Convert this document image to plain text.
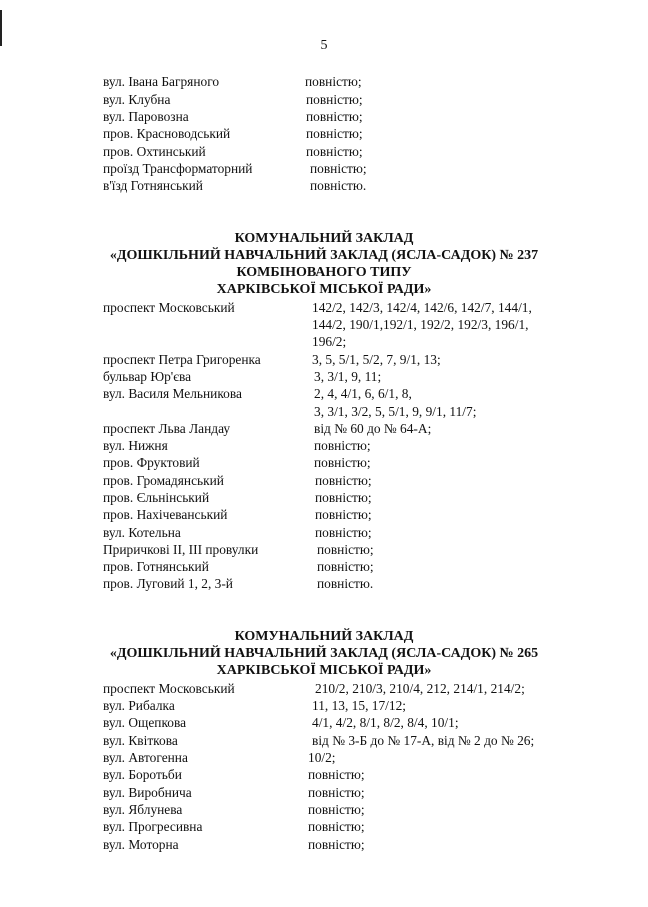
5
вул. Івана Багряного	повністю;
вул. Клубна	повністю;
вул. Паровозна	повністю;
пров. Красноводський	повністю;
пров. Охтинський	повністю;
проїзд Трансформаторний	повністю;
в'їзд Готнянський	повністю.
КОМУНАЛЬНИЙ ЗАКЛАД
«ДОШКІЛЬНИЙ НАВЧАЛЬНИЙ ЗАКЛАД (ЯСЛА-САДОК) № 237
КОМБІНОВАНОГО ТИПУ
ХАРКІВСЬКОЇ МІСЬКОЇ РАДИ»
проспект Московський	142/2, 142/3, 142/4, 142/6, 142/7, 144/1,
144/2, 190/1,192/1, 192/2, 192/3, 196/1,
196/2;
проспект Петра Григоренка	3, 5, 5/1, 5/2, 7, 9/1, 13;
бульвар Юр'єва	3, 3/1, 9, 11;
вул. Василя Мельникова	2, 4, 4/1, 6, 6/1, 8,
3, 3/1, 3/2, 5, 5/1, 9, 9/1, 11/7;
проспект Льва Ландау	від № 60 до № 64-А;
вул. Нижня	повністю;
пров. Фруктовий	повністю;
пров. Громадянський	повністю;
пров. Єльнінський	повністю;
пров. Нахічеванський	повністю;
вул. Котельна	повністю;
Приричкові ІІ, ІІІ провулки	повністю;
пров. Готнянський	повністю;
пров. Луговий 1, 2, 3-й	повністю.
КОМУНАЛЬНИЙ ЗАКЛАД
«ДОШКІЛЬНИЙ НАВЧАЛЬНИЙ ЗАКЛАД (ЯСЛА-САДОК) № 265
ХАРКІВСЬКОЇ МІСЬКОЇ РАДИ»
проспект Московський	210/2, 210/3, 210/4, 212, 214/1, 214/2;
вул. Рибалка	11, 13, 15, 17/12;
вул. Ощепкова	4/1, 4/2, 8/1, 8/2, 8/4, 10/1;
вул. Квіткова	від № 3-Б до № 17-А, від № 2 до № 26;
вул. Автогенна	10/2;
вул. Боротьби	повністю;
вул. Виробнича	повністю;
вул. Яблунева	повністю;
вул. Прогресивна	повністю;
вул. Моторна	повністю;
